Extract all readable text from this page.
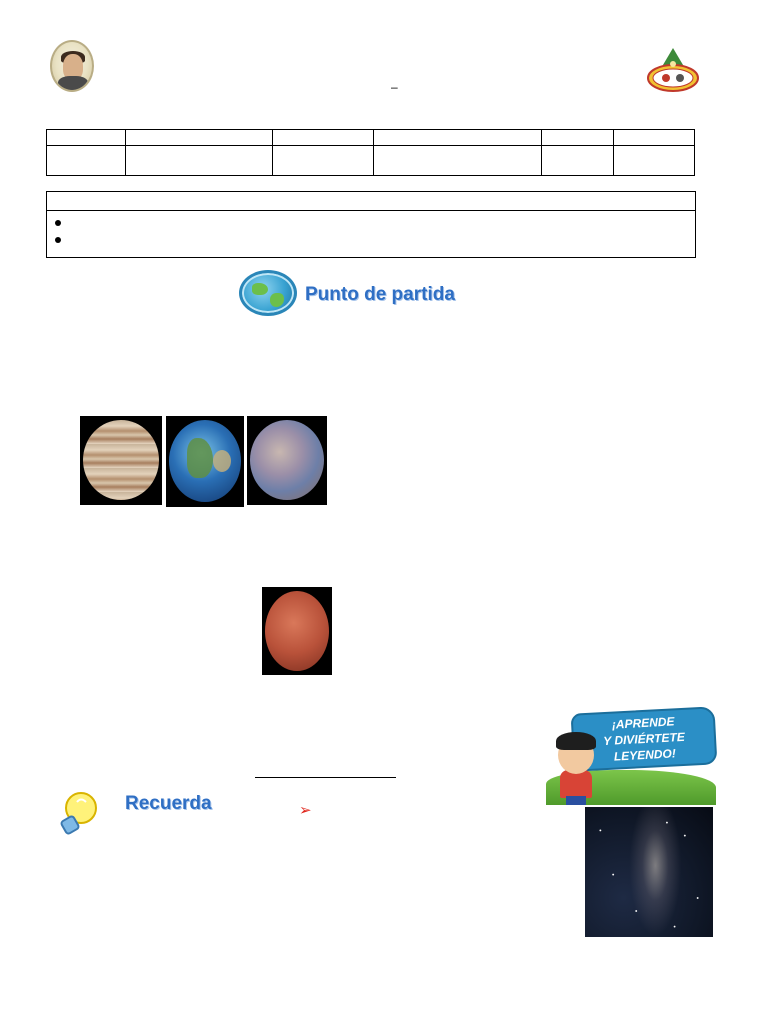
–

Punto de partida
➢
Recuerda
¡APRENDE
Y DIVIÉRTETE
LEYENDO!
